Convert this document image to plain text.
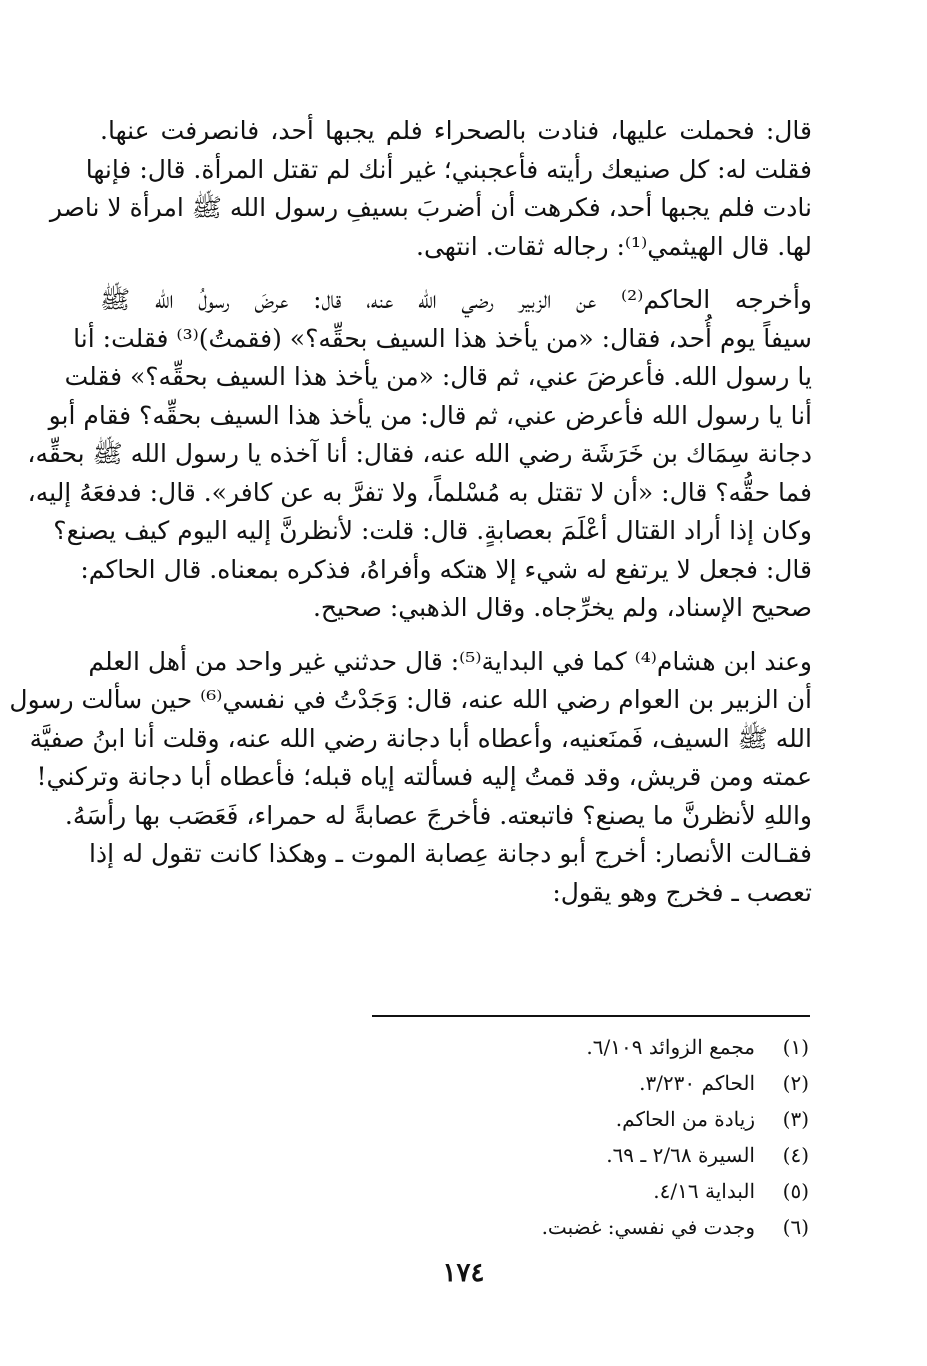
قال: فحملت عليها، فنادت بالصحراء فلم يجبها أحد، فانصرفت عنها.
فقلت له: كل صنيعك رأيته فأعجبني؛ غير أنك لم تقتل المرأة. قال: فإنها
نادت فلم يجبها أحد، فكرهت أن أضربَ بسيفِ رسول الله ﷺ امرأة لا ناصر
لها. قال الهيثمي⁽¹⁾: رجاله ثقات. انتهى.

وأخرجه الحاكم⁽²⁾ عن الزبير رضي الله عنه، قال: عرضَ رسولُ الله ﷺ
سيفاً يوم أُحد، فقال: «من يأخذ هذا السيف بحقِّه؟» (فقمتُ)⁽³⁾ فقلت: أنا
يا رسول الله. فأعرضَ عني، ثم قال: «من يأخذ هذا السيف بحقِّه؟» فقلت
أنا يا رسول الله فأعرض عني، ثم قال: من يأخذ هذا السيف بحقِّه؟ فقام أبو
دجانة سِمَاك بن خَرَشَة رضي الله عنه، فقال: أنا آخذه يا رسول الله ﷺ بحقِّه،
فما حقُّه؟ قال: «أن لا تقتل به مُسْلماً، ولا تفرَّ به عن كافر». قال: فدفعَهُ إليه،
وكان إذا أراد القتال أعْلَمَ بعصابةٍ. قال: قلت: لأنظرنَّ إليه اليوم كيف يصنع؟
قال: فجعل لا يرتفع له شيء إلا هتكه وأفراهُ، فذكره بمعناه. قال الحاكم:
صحيح الإسناد، ولم يخرِّجاه. وقال الذهبي: صحيح.

وعند ابن هشام⁽⁴⁾ كما في البداية⁽⁵⁾: قال حدثني غير واحد من أهل العلم
أن الزبير بن العوام رضي الله عنه، قال: وَجَدْتُ في نفسي⁽⁶⁾ حين سألت رسول
الله ﷺ السيف، فَمنَعنيه، وأعطاه أبا دجانة رضي الله عنه، وقلت أنا ابنُ صفيَّة
عمته ومن قريش، وقد قمتُ إليه فسألته إياه قبله؛ فأعطاه أبا دجانة وتركني!
واللهِ لأنظرنَّ ما يصنع؟ فاتبعته. فأخرجَ عصابةً له حمراء، فَعَصَب بها رأسَهُ.
فقـالت الأنصار: أخرج أبو دجانة عِصابة الموت ـ وهكذا كانت تقول له إذا
تعصب ـ فخرج وهو يقول:

(١)
مجمع الزوائد ٦/١٠٩.
(٢)
الحاكم ٣/٢٣٠.
(٣)
زيادة من الحاكم.
(٤)
السيرة ٢/٦٨ ـ ٦٩.
(٥)
البداية ٤/١٦.
(٦)
وجدت في نفسي: غضبت.
١٧٤
